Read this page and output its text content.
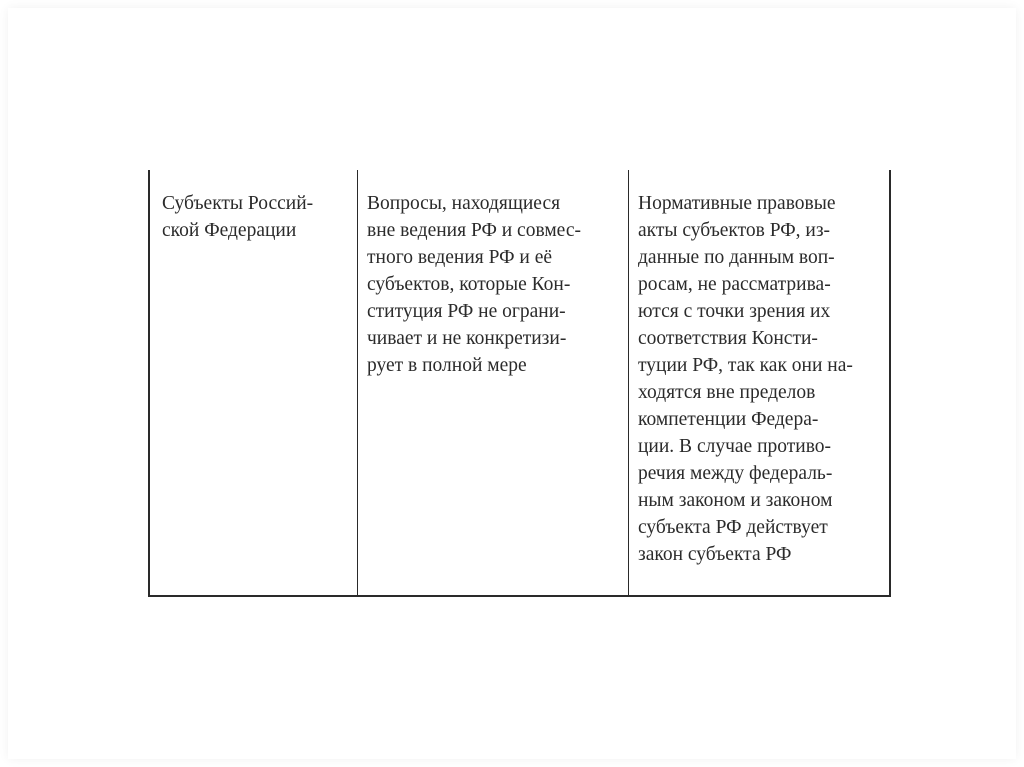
Субъекты Россий-
ской Федерации
Вопросы, находящиеся
вне ведения РФ и совмес-
тного ведения РФ и её
субъектов, которые Кон-
ституция РФ не ограни-
чивает и не конкретизи-
рует в полной мере
Нормативные правовые
акты субъектов РФ, из-
данные по данным воп-
росам, не рассматрива-
ются с точки зрения их
соответствия Консти-
туции РФ, так как они на-
ходятся вне пределов
компетенции Федера-
ции. В случае противо-
речия между федераль-
ным законом и законом
субъекта РФ действует
закон субъекта РФ
